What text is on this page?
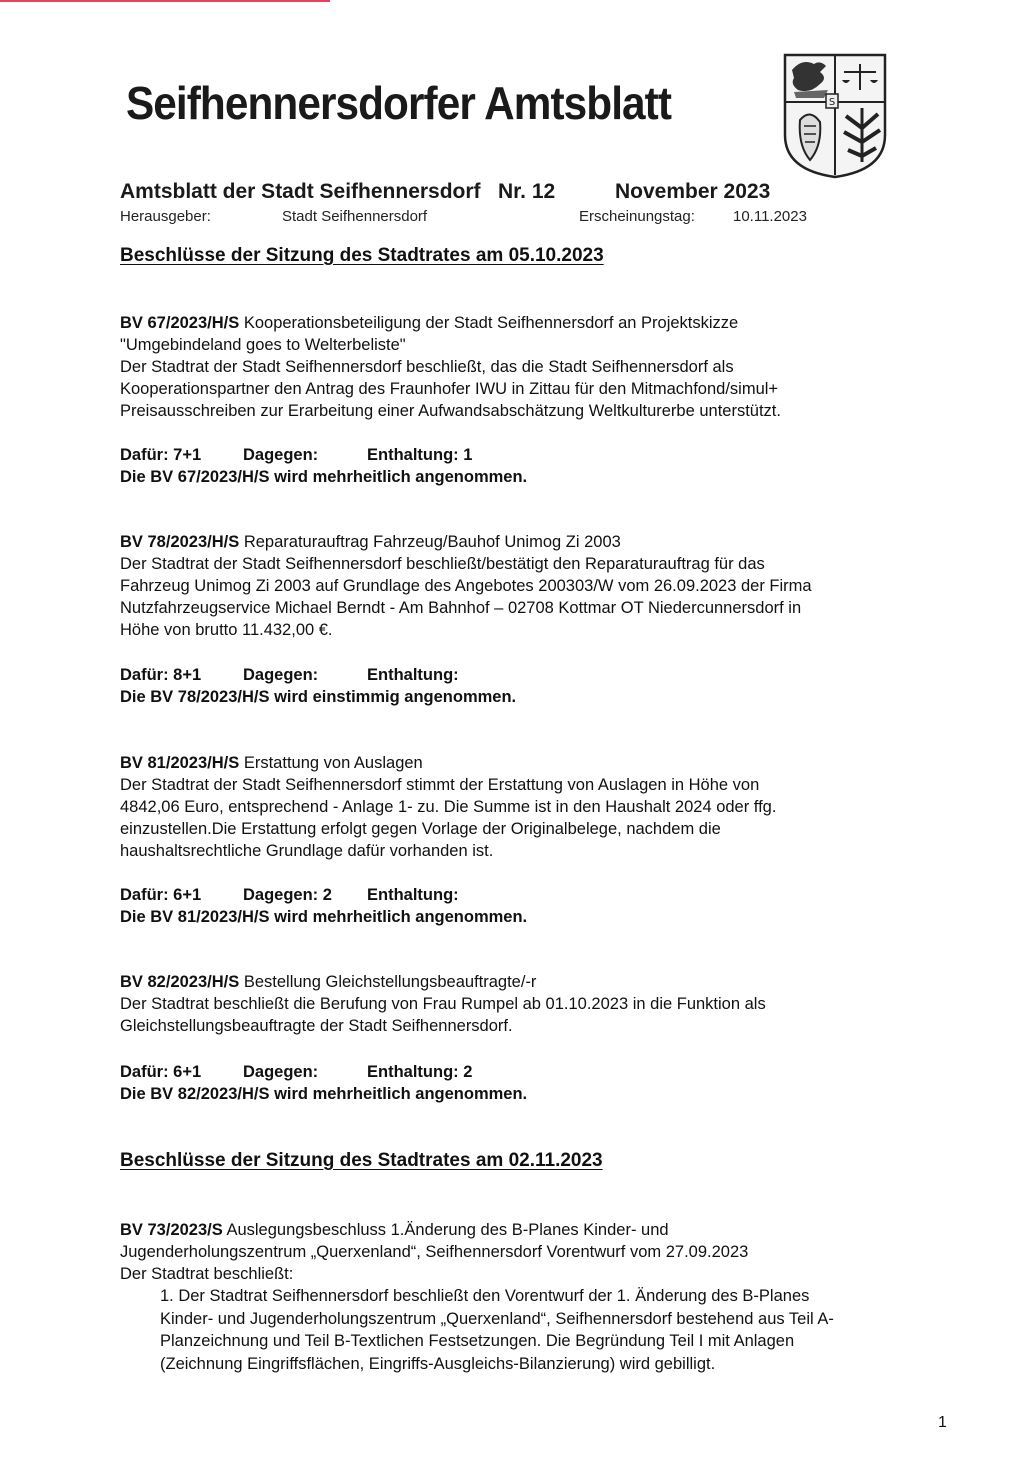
Seifhennersdorfer Amtsblatt	S
Amtsblatt der Stadt Seifhennersdorf Nr. 12	November 2023
Herausgeber:	Stadt Seifhennersdorf	Erscheinungstag:	10.11.2023
Beschlüsse der Sitzung des Stadtrates am 05.10.2023

BV 67/2023/H/S Kooperationsbeteiligung der Stadt Seifhennersdorf an Projektskizze

"Umgebindeland goes to Welterbeliste"

Der Stadtrat der Stadt Seifhennersdorf beschließt, das die Stadt Seifhennersdorf als

Kooperationspartner den Antrag des Fraunhofer IWU in Zittau für den Mitmachfond/simul+

Preisausschreiben zur Erarbeitung einer Aufwandsabschätzung Weltkulturerbe unterstützt.

Dafür: 7+1	Dagegen:	Enthaltung: 1
Die BV 67/2023/H/S wird mehrheitlich angenommen.

BV 78/2023/H/S Reparaturauftrag Fahrzeug/Bauhof Unimog Zi 2003

Der Stadtrat der Stadt Seifhennersdorf beschließt/bestätigt den Reparaturauftrag für das

Fahrzeug Unimog Zi 2003 auf Grundlage des Angebotes 200303/W vom 26.09.2023 der Firma

Nutzfahrzeugservice Michael Berndt - Am Bahnhof – 02708 Kottmar OT Niedercunnersdorf in

Höhe von brutto 11.432,00 €.

Dafür: 8+1	Dagegen:	Enthaltung:
Die BV 78/2023/H/S wird einstimmig angenommen.

BV 81/2023/H/S Erstattung von Auslagen

Der Stadtrat der Stadt Seifhennersdorf stimmt der Erstattung von Auslagen in Höhe von

4842,06 Euro, entsprechend - Anlage 1- zu. Die Summe ist in den Haushalt 2024 oder ffg.

einzustellen.Die Erstattung erfolgt gegen Vorlage der Originalbelege, nachdem die

haushaltsrechtliche Grundlage dafür vorhanden ist.

Dafür: 6+1	Dagegen: 2 Enthaltung:
Die BV 81/2023/H/S wird mehrheitlich angenommen.

BV 82/2023/H/S Bestellung Gleichstellungsbeauftragte/-r

Der Stadtrat beschließt die Berufung von Frau Rumpel ab 01.10.2023 in die Funktion als

Gleichstellungsbeauftragte der Stadt Seifhennersdorf.

Dafür: 6+1	Dagegen:	Enthaltung: 2
Die BV 82/2023/H/S wird mehrheitlich angenommen.
Beschlüsse der Sitzung des Stadtrates am 02.11.2023

BV 73/2023/S Auslegungsbeschluss 1.Änderung des B-Planes Kinder- und

Jugenderholungszentrum „Querxenland“, Seifhennersdorf Vorentwurf vom 27.09.2023

Der Stadtrat beschließt:

1. Der Stadtrat Seifhennersdorf beschließt den Vorentwurf der 1. Änderung des B-Planes
Kinder- und Jugenderholungszentrum „Querxenland“, Seifhennersdorf bestehend aus Teil A-
Planzeichnung und Teil B-Textlichen Festsetzungen. Die Begründung Teil I mit Anlagen
(Zeichnung Eingriffsflächen, Eingriffs-Ausgleichs-Bilanzierung) wird gebilligt.
1
